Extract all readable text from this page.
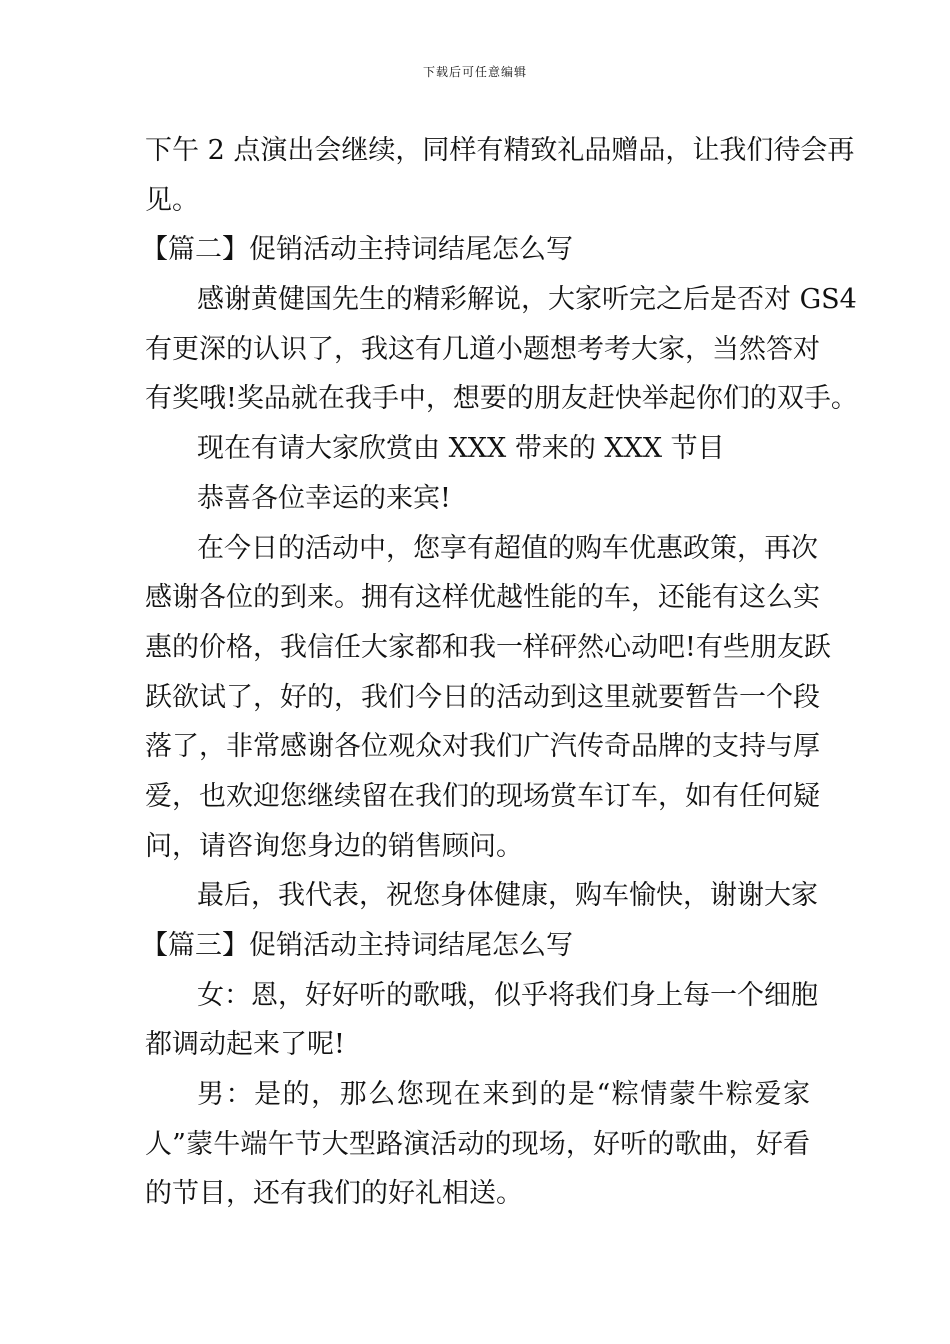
下载后可任意编辑
下午 2 点演出会继续，同样有精致礼品赠品，让我们待会再
见。
【篇二】促销活动主持词结尾怎么写
感谢黄健国先生的精彩解说，大家听完之后是否对 GS4
有更深的认识了，我这有几道小题想考考大家，当然答对
有奖哦!奖品就在我手中，想要的朋友赶快举起你们的双手。
现在有请大家欣赏由 XXX 带来的 XXX 节目
恭喜各位幸运的来宾!
在今日的活动中，您享有超值的购车优惠政策，再次
感谢各位的到来。拥有这样优越性能的车，还能有这么实
惠的价格，我信任大家都和我一样砰然心动吧!有些朋友跃
跃欲试了，好的，我们今日的活动到这里就要暂告一个段
落了，非常感谢各位观众对我们广汽传奇品牌的支持与厚
爱，也欢迎您继续留在我们的现场赏车订车，如有任何疑
问，请咨询您身边的销售顾问。
最后，我代表，祝您身体健康，购车愉快，谢谢大家
【篇三】促销活动主持词结尾怎么写
女：恩，好好听的歌哦，似乎将我们身上每一个细胞
都调动起来了呢!
男：是的，那么您现在来到的是“粽情蒙牛粽爱家
人”蒙牛端午节大型路演活动的现场，好听的歌曲，好看
的节目，还有我们的好礼相送。
